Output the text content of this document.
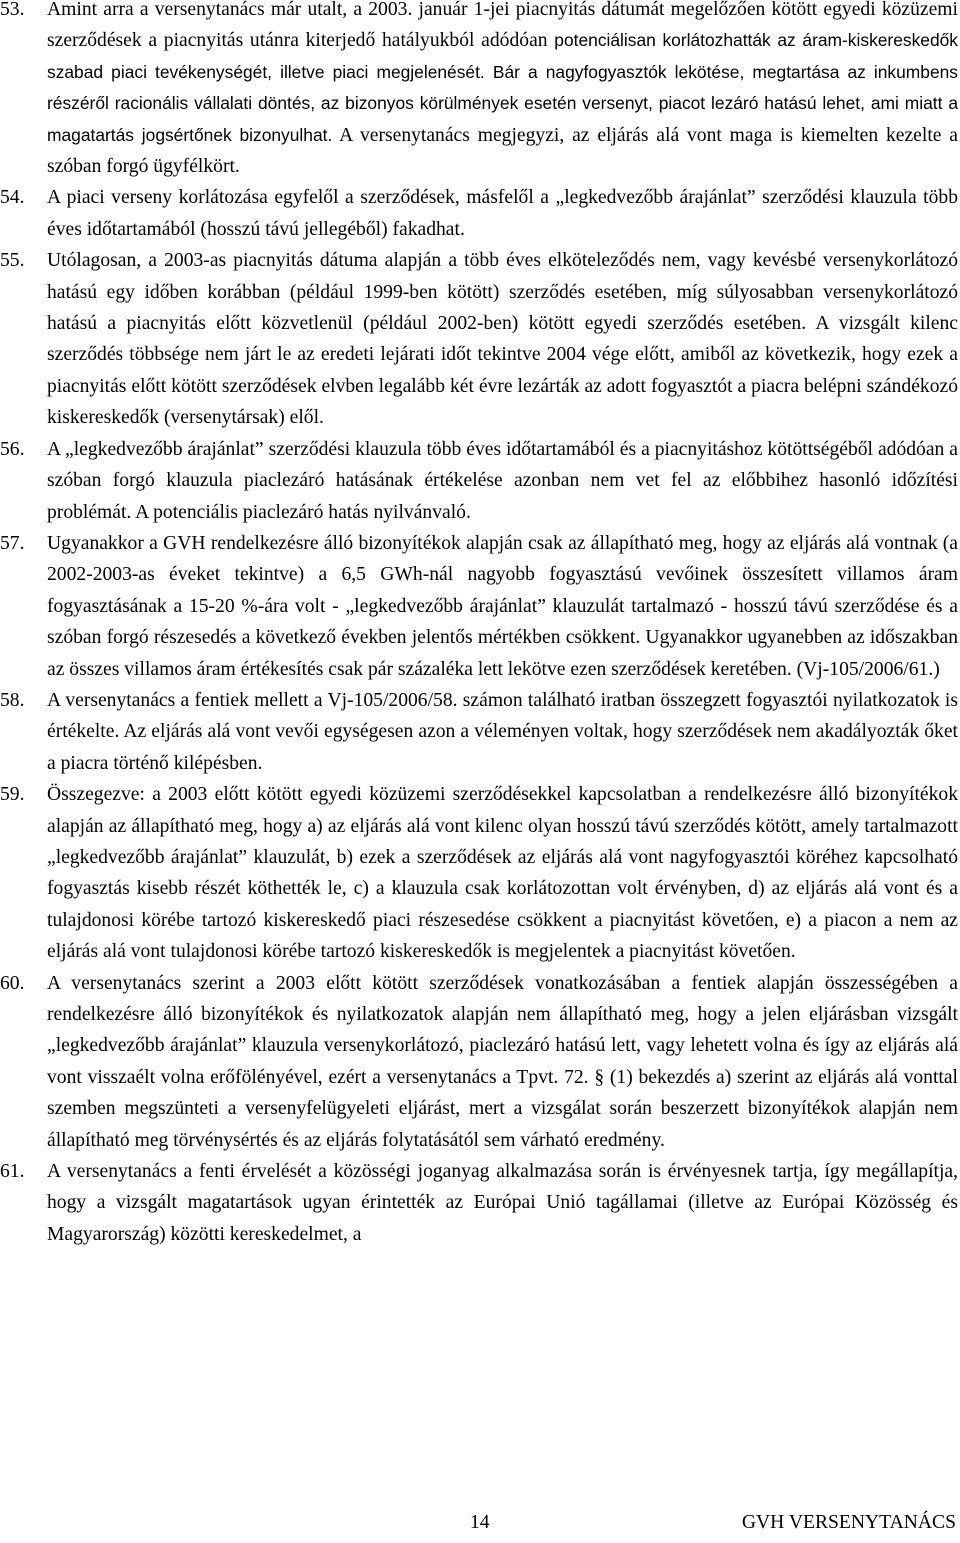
53. Amint arra a versenytanács már utalt, a 2003. január 1-jei piacnyitás dátumát megelőzően kötött egyedi közüzemi szerződések a piacnyitás utánra kiterjedő hatályukból adódóan potenciálisan korlátozhatták az áram-kiskereskedők szabad piaci tevékenységét, illetve piaci megjelenését. Bár a nagyfogyasztók lekötése, megtartása az inkumbens részéről racionális vállalati döntés, az bizonyos körülmények esetén versenyt, piacot lezáró hatású lehet, ami miatt a magatartás jogsértőnek bizonyulhat. A versenytanács megjegyzi, az eljárás alá vont maga is kiemelten kezelte a szóban forgó ügyfélkört.

54. A piaci verseny korlátozása egyfelől a szerződések, másfelől a „legkedvezőbb árajánlat” szerződési klauzula több éves időtartamából (hosszú távú jellegéből) fakadhat.

55. Utólagosan, a 2003-as piacnyitás dátuma alapján a több éves elköteleződés nem, vagy kevésbé versenykorlátozó hatású egy időben korábban (például 1999-ben kötött) szerződés esetében, míg súlyosabban versenykorlátozó hatású a piacnyitás előtt közvetlenül (például 2002-ben) kötött egyedi szerződés esetében. A vizsgált kilenc szerződés többsége nem járt le az eredeti lejárati időt tekintve 2004 vége előtt, amiből az következik, hogy ezek a piacnyitás előtt kötött szerződések elvben legalább két évre lezárták az adott fogyasztót a piacra belépni szándékozó kiskereskedők (versenytársak) elől.

56. A „legkedvezőbb árajánlat” szerződési klauzula több éves időtartamából és a piacnyitáshoz kötöttségéből adódóan a szóban forgó klauzula piaclezáró hatásának értékelése azonban nem vet fel az előbbihez hasonló időzítési problémát. A potenciális piaclezáró hatás nyilvánvaló.

57. Ugyanakkor a GVH rendelkezésre álló bizonyítékok alapján csak az állapítható meg, hogy az eljárás alá vontnak (a 2002-2003-as éveket tekintve) a 6,5 GWh-nál nagyobb fogyasztású vevőinek összesített villamos áram fogyasztásának a 15-20 %-ára volt - „legkedvezőbb árajánlat” klauzulát tartalmazó - hosszú távú szerződése és a szóban forgó részesedés a következő években jelentős mértékben csökkent. Ugyanakkor ugyanebben az időszakban az összes villamos áram értékesítés csak pár százaléka lett lekötve ezen szerződések keretében. (Vj-105/2006/61.)

58. A versenytanács a fentiek mellett a Vj-105/2006/58. számon található iratban összegzett fogyasztói nyilatkozatok is értékelte. Az eljárás alá vont vevői egységesen azon a véleményen voltak, hogy szerződések nem akadályozták őket a piacra történő kilépésben.

59. Összegezve: a 2003 előtt kötött egyedi közüzemi szerződésekkel kapcsolatban a rendelkezésre álló bizonyítékok alapján az állapítható meg, hogy a) az eljárás alá vont kilenc olyan hosszú távú szerződés kötött, amely tartalmazott „legkedvezőbb árajánlat” klauzulát, b) ezek a szerződések az eljárás alá vont nagyfogyasztói köréhez kapcsolható fogyasztás kisebb részét köthették le, c) a klauzula csak korlátozottan volt érvényben, d) az eljárás alá vont és a tulajdonosi körébe tartozó kiskereskedő piaci részesedése csökkent a piacnyitást követően, e) a piacon a nem az eljárás alá vont tulajdonosi körébe tartozó kiskereskedők is megjelentek a piacnyitást követően.

60. A versenytanács szerint a 2003 előtt kötött szerződések vonatkozásában a fentiek alapján összességében a rendelkezésre álló bizonyítékok és nyilatkozatok alapján nem állapítható meg, hogy a jelen eljárásban vizsgált „legkedvezőbb árajánlat” klauzula versenykorlátozó, piaclezáró hatású lett, vagy lehetett volna és így az eljárás alá vont visszaélt volna erőfölényével, ezért a versenytanács a Tpvt. 72. § (1) bekezdés a) szerint az eljárás alá vonttal szemben megszünteti a versenyfelügyeleti eljárást, mert a vizsgálat során beszerzett bizonyítékok alapján nem állapítható meg törvénysértés és az eljárás folytatásától sem várható eredmény.

61. A versenytanács a fenti érvelését a közösségi joganyag alkalmazása során is érvényesnek tartja, így megállapítja, hogy a vizsgált magatartások ugyan érintették az Európai Unió tagállamai (illetve az Európai Közösség és Magyarország) közötti kereskedelmet, a

14	GVH VERSENYTANÁCS
